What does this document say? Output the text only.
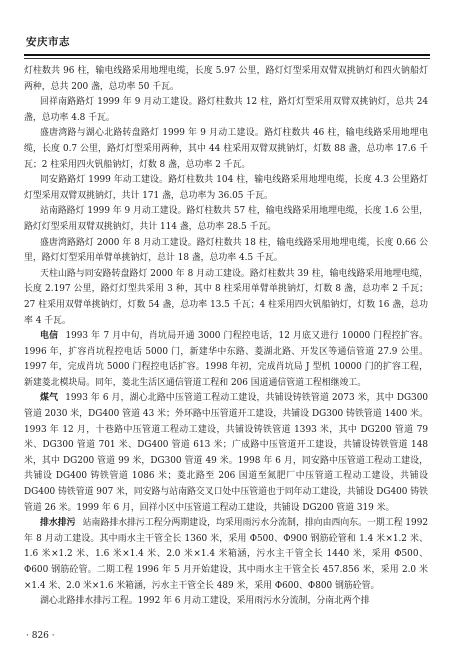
安庆市志

灯柱数共 96 柱，输电线路采用地埋电缆，长度 5.97 公里，路灯灯型采用双臂双挑钠灯和四火钠船灯两种，总共 200 盏，总功率 50 千瓦。

回祥南路路灯 1999 年 9 月动工建设。路灯柱数共 12 柱，路灯灯型采用双臂双挑钠灯，总共 24 盏，总功率 4.8 千瓦。

盛唐湾路与湖心北路转盘路灯 1999 年 9 月动工建设。路灯柱数共 46 柱，输电线路采用地埋电缆，长度 0.7 公里，路灯灯型采用两种，其中 44 柱采用双臂双挑钠灯，灯数 88 盏，总功率 17.6 千瓦；2 柱采用四火钒船钠灯，灯数 8 盏，总功率 2 千瓦。

同安路路灯 1999 年动工建设。路灯柱数共 104 柱，输电线路采用地埋电缆，长度 4.3 公里路灯灯型采用双臂双挑钠灯，共计 171 盏，总功率为 36.05 千瓦。

站南路路灯 1999 年 9 月动工建设。路灯柱数共 57 柱，输电线路采用地埋电缆，长度 1.6 公里，路灯灯型采用双臂双挑钠灯，共计 114 盏，总功率 28.5 千瓦。

盛唐湾路路灯 2000 年 8 月动工建设。路灯柱数共 18 柱，输电线路采用地埋电缆，长度 0.66 公里，路灯灯型采用单臂单挑钠灯，总计 18 盏，总功率 4.5 千瓦。

天柱山路与同安路转盘路灯 2000 年 8 月动工建设。路灯柱数共 39 柱，输电线路采用地埋电缆，长度 2.197 公里，路灯灯型共采用 3 种，其中 8 柱采用单臂单挑钠灯，灯数 8 盏，总功率 2 千瓦；27 柱采用双臂单挑钠灯，灯数 54 盏，总功率 13.5 千瓦；4 柱采用四火钒船钠灯，灯数 16 盏，总功率 4 千瓦。

电信 1993 年 7 月中旬，肖坑局开通 3000 门程控电话，12 月底又进行 10000 门程控扩容。1996 年，扩容肖坑程控电话 5000 门，新建华中东路、菱湖北路、开发区等通信管道 27.9 公里。1997 年，完成肖坑 5000 门程控电话扩容。1998 年初，完成肖坑局 J 型机 10000 门的扩容工程，新建菱北模块局。同年，菱北生活区通信管道工程和 206 国道通信管道工程相继竣工。

煤气 1993 年 6 月，湖心北路中压管道工程动工建设，共铺设铸铁管道 2073 米，其中 DG300 管道 2030 米，DG400 管道 43 米；外环路中压管道开工建设，共铺设 DG300 铸铁管道 1400 米。1993 年 12 月，十巷路中压管道工程动工建设，共铺设铸铁管道 1393 米，其中 DG200 管道 79 米、DG300 管道 701 米、DG400 管道 613 米；广成路中压管道开工建设，共铺设铸铁管道 148 米，其中 DG200 管道 99 米，DG300 管道 49 米。1998 年 6 月，同安路中压管道工程动工建设，共铺设 DG400 铸铁管道 1086 米；菱北路至 206 国道至氮肥厂中压管道工程动工建设，共铺设 DG400 铸铁管道 907 米，同安路与站南路交叉口处中压管道也于同年动工建设，共铺设 DG400 铸铁管道 26 米。1999 年 6 月，回祥小区中压管道工程动工建设，共铺设 DG200 管道 319 米。

排水排污 站南路排水排污工程分两期建设，均采用雨污水分流制，排向由西向东。一期工程 1992 年 8 月动工建设。其中雨水主干管全长 1360 米，采用 Φ500、Φ900 钢筋砼管和 1.4 米×1.2 米、1.6 米×1.2 米、1.6 米×1.4 米、2.0 米×1.4 米箱涵，污水主干管全长 1440 米，采用 Φ500、Φ600 钢筋砼管。二期工程 1996 年 5 月开始建设，其中雨水主干管全长 457.856 米，采用 2.0 米×1.4 米、2.0 米×1.6 米箱涵，污水主干管全长 489 米，采用 Φ600、Φ800 钢筋砼管。

湖心北路排水排污工程。1992 年 6 月动工建设，采用雨污水分流制，分南北两个排

· 826 ·
